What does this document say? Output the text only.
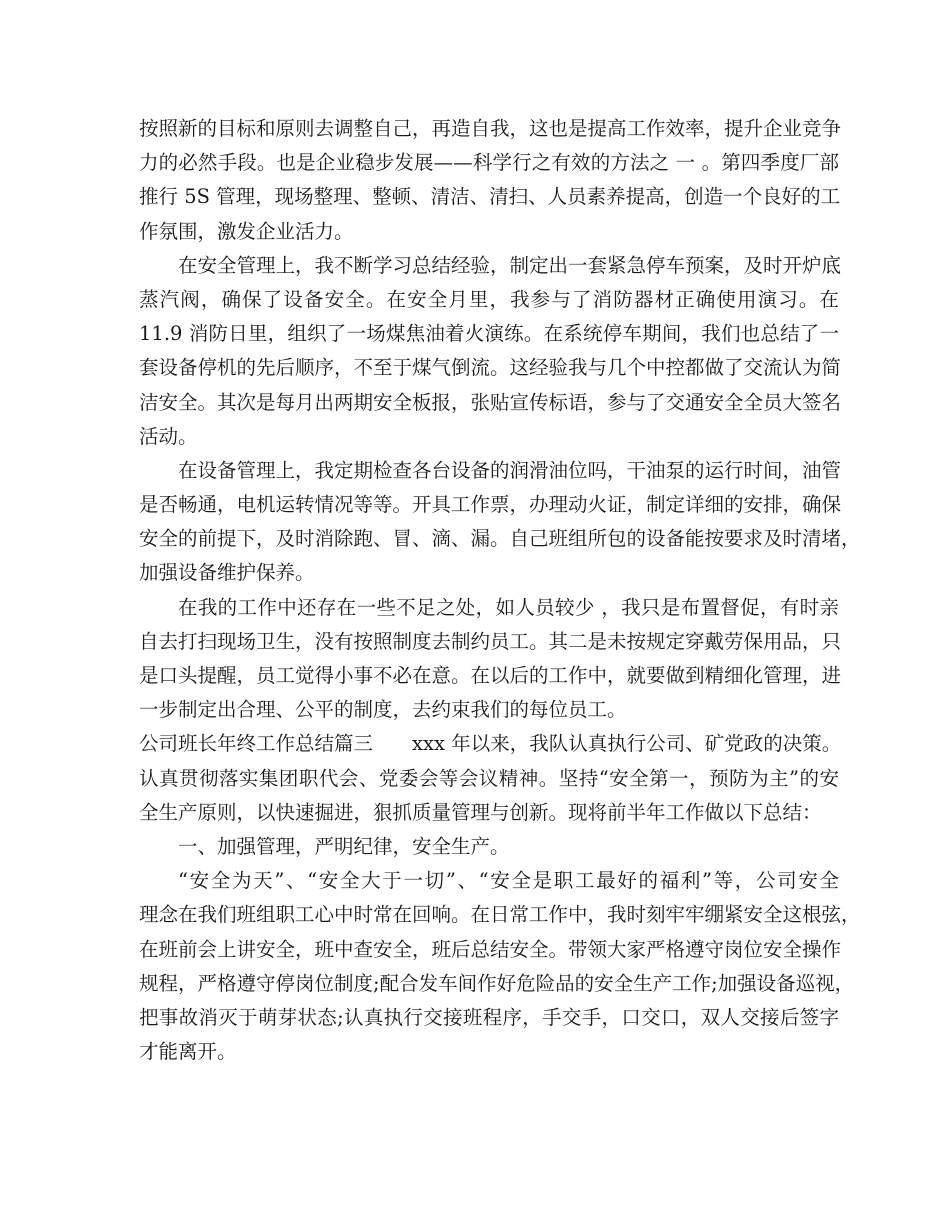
按照新的目标和原则去调整自己，再造自我，这也是提高工作效率，提升企业竞争
力的必然手段。也是企业稳步发展——科学行之有效的方法之 一 。第四季度厂部
推行 5S 管理，现场整理、整顿、清洁、清扫、人员素养提高，创造一个良好的工
作氛围，激发企业活力。
在安全管理上，我不断学习总结经验，制定出一套紧急停车预案，及时开炉底
蒸汽阀，确保了设备安全。在安全月里，我参与了消防器材正确使用演习。在
11.9 消防日里，组织了一场煤焦油着火演练。在系统停车期间，我们也总结了一
套设备停机的先后顺序，不至于煤气倒流。这经验我与几个中控都做了交流认为简
洁安全。其次是每月出两期安全板报，张贴宣传标语，参与了交通安全全员大签名
活动。
在设备管理上，我定期检查各台设备的润滑油位吗，干油泵的运行时间，油管
是否畅通，电机运转情况等等。开具工作票，办理动火证，制定详细的安排，确保
安全的前提下，及时消除跑、冒、滴、漏。自己班组所包的设备能按要求及时清堵，
加强设备维护保养。
在我的工作中还存在一些不足之处，如人员较少 ，我只是布置督促，有时亲
自去打扫现场卫生，没有按照制度去制约员工。其二是未按规定穿戴劳保用品，只
是口头提醒，员工觉得小事不必在意。在以后的工作中，就要做到精细化管理，进
一步制定出合理、公平的制度，去约束我们的每位员工。
公司班长年终工作总结篇三　　xxx 年以来，我队认真执行公司、矿党政的决策。
认真贯彻落实集团职代会、党委会等会议精神。坚持“安全第一，预防为主”的安
全生产原则，以快速掘进，狠抓质量管理与创新。现将前半年工作做以下总结：
一、加强管理，严明纪律，安全生产。
“安全为天”、“安全大于一切”、“安全是职工最好的福利”等，公司安全
理念在我们班组职工心中时常在回响。在日常工作中，我时刻牢牢绷紧安全这根弦，
在班前会上讲安全，班中查安全，班后总结安全。带领大家严格遵守岗位安全操作
规程，严格遵守停岗位制度;配合发车间作好危险品的安全生产工作;加强设备巡视，
把事故消灭于萌芽状态;认真执行交接班程序，手交手，口交口，双人交接后签字
才能离开。
